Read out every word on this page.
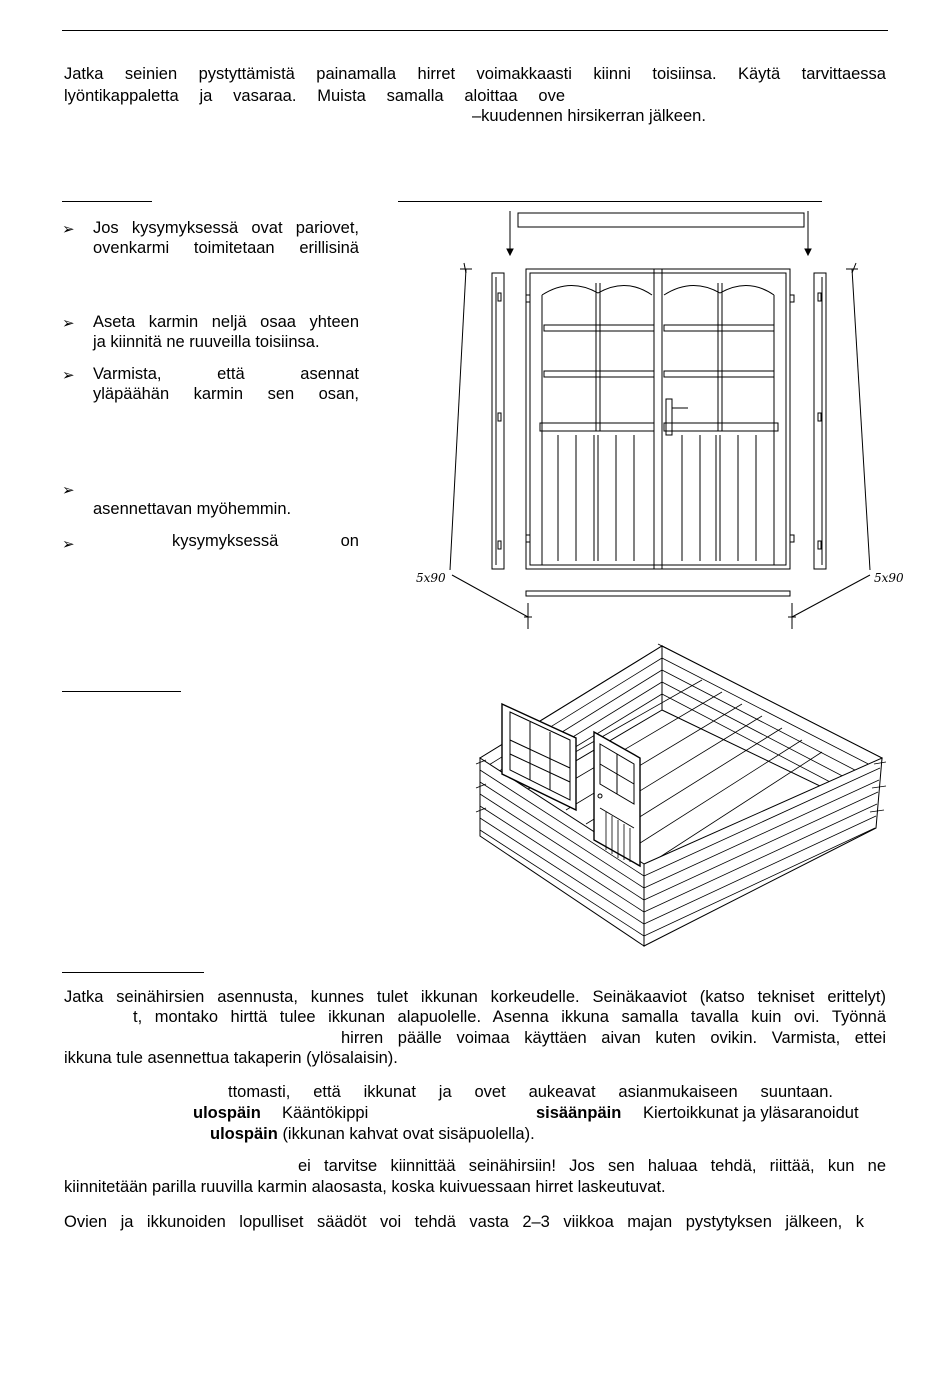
Jatka seinien pystyttämistä painamalla hirret voimakkaasti kiinni toisiinsa. Käytä tarvittaessa
lyöntikappaletta ja vasaraa. Muista samalla aloittaa ove
–kuudennen hirsikerran jälkeen.
➢ Jos kysymyksessä ovat pariovet,
ovenkarmi toimitetaan erillisinä
➢ Aseta karmin neljä osaa yhteen
ja kiinnitä ne ruuveilla toisiinsa.
➢ Varmista, että asennat
yläpäähän karmin sen osan,
➢
asennettavan myöhemmin.
➢	kysymyksessä on
5x90	5x90
Jatka seinähirsien asennusta, kunnes tulet ikkunan korkeudelle. Seinäkaaviot (katso tekniset erittelyt)
t, montako hirttä tulee ikkunan alapuolelle. Asenna ikkuna samalla tavalla kuin ovi. Työnnä
hirren päälle voimaa käyttäen aivan kuten ovikin. Varmista, ettei
ikkuna tule asennettua takaperin (ylösalaisin).
ttomasti, että ikkunat ja ovet aukeavat asianmukaiseen suuntaan.
ulospäin Kääntökippi	sisäänpäin Kiertoikkunat ja yläsaranoidut
ulospäin (ikkunan kahvat ovat sisäpuolella).
ei tarvitse kiinnittää seinähirsiin! Jos sen haluaa tehdä, riittää, kun ne
kiinnitetään parilla ruuvilla karmin alaosasta, koska kuivuessaan hirret laskeutuvat.
Ovien ja ikkunoiden lopulliset säädöt voi tehdä vasta 2–3 viikkoa majan pystytyksen jälkeen, k
